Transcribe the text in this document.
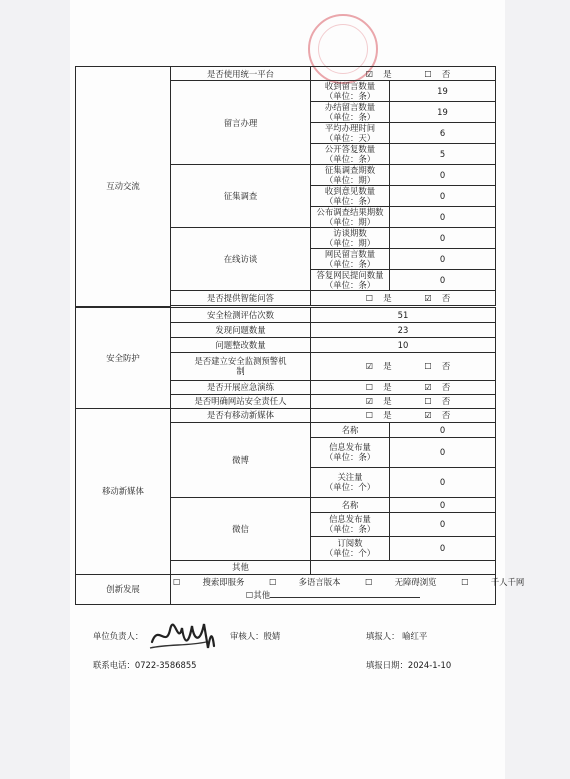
互动交流	是否使用统一平台	☑ 是 ☐ 否	
	留言办理	收到留言数量
（单位：条）	19
		办结留言数量
（单位：条）	19
		平均办理时间
（单位：天）	6
		公开答复数量
（单位：条）	5
	征集调查	征集调查期数
（单位：期）	0
		收到意见数量
（单位：条）	0
		公布调查结果期数
（单位：期）	0
	在线访谈	访谈期数
（单位：期）	0
		网民留言数量
（单位：条）	0
		答复网民提问数量
（单位：条）	0
	是否提供智能问答	☐ 是 ☑ 否	

安全防护	安全检测评估次数	51	
	发现问题数量	23	
	问题整改数量	10	
	是否建立安全监测预警机
制	☑ 是 ☐ 否	
	是否开展应急演练	☐ 是 ☑ 否	
	是否明确网站安全责任人	☑ 是 ☐ 否	
移动新媒体	是否有移动新媒体	☐ 是 ☑ 否	
	微博	名称	0
		信息发布量
（单位：条）	0
		关注量
（单位：个）	0
	微信	名称	0
		信息发布量
（单位：条）	0
		订阅数
（单位：个）	0
	其他		
创新发展	☐ 搜索即服务 ☐ 多语言版本 ☐ 无障碍浏览 ☐ 千人千网
☐其他		
单位负责人：	审核人：殷婧	填报人： 喻红平
联系电话：0722-3586855	填报日期：2024-1-10
